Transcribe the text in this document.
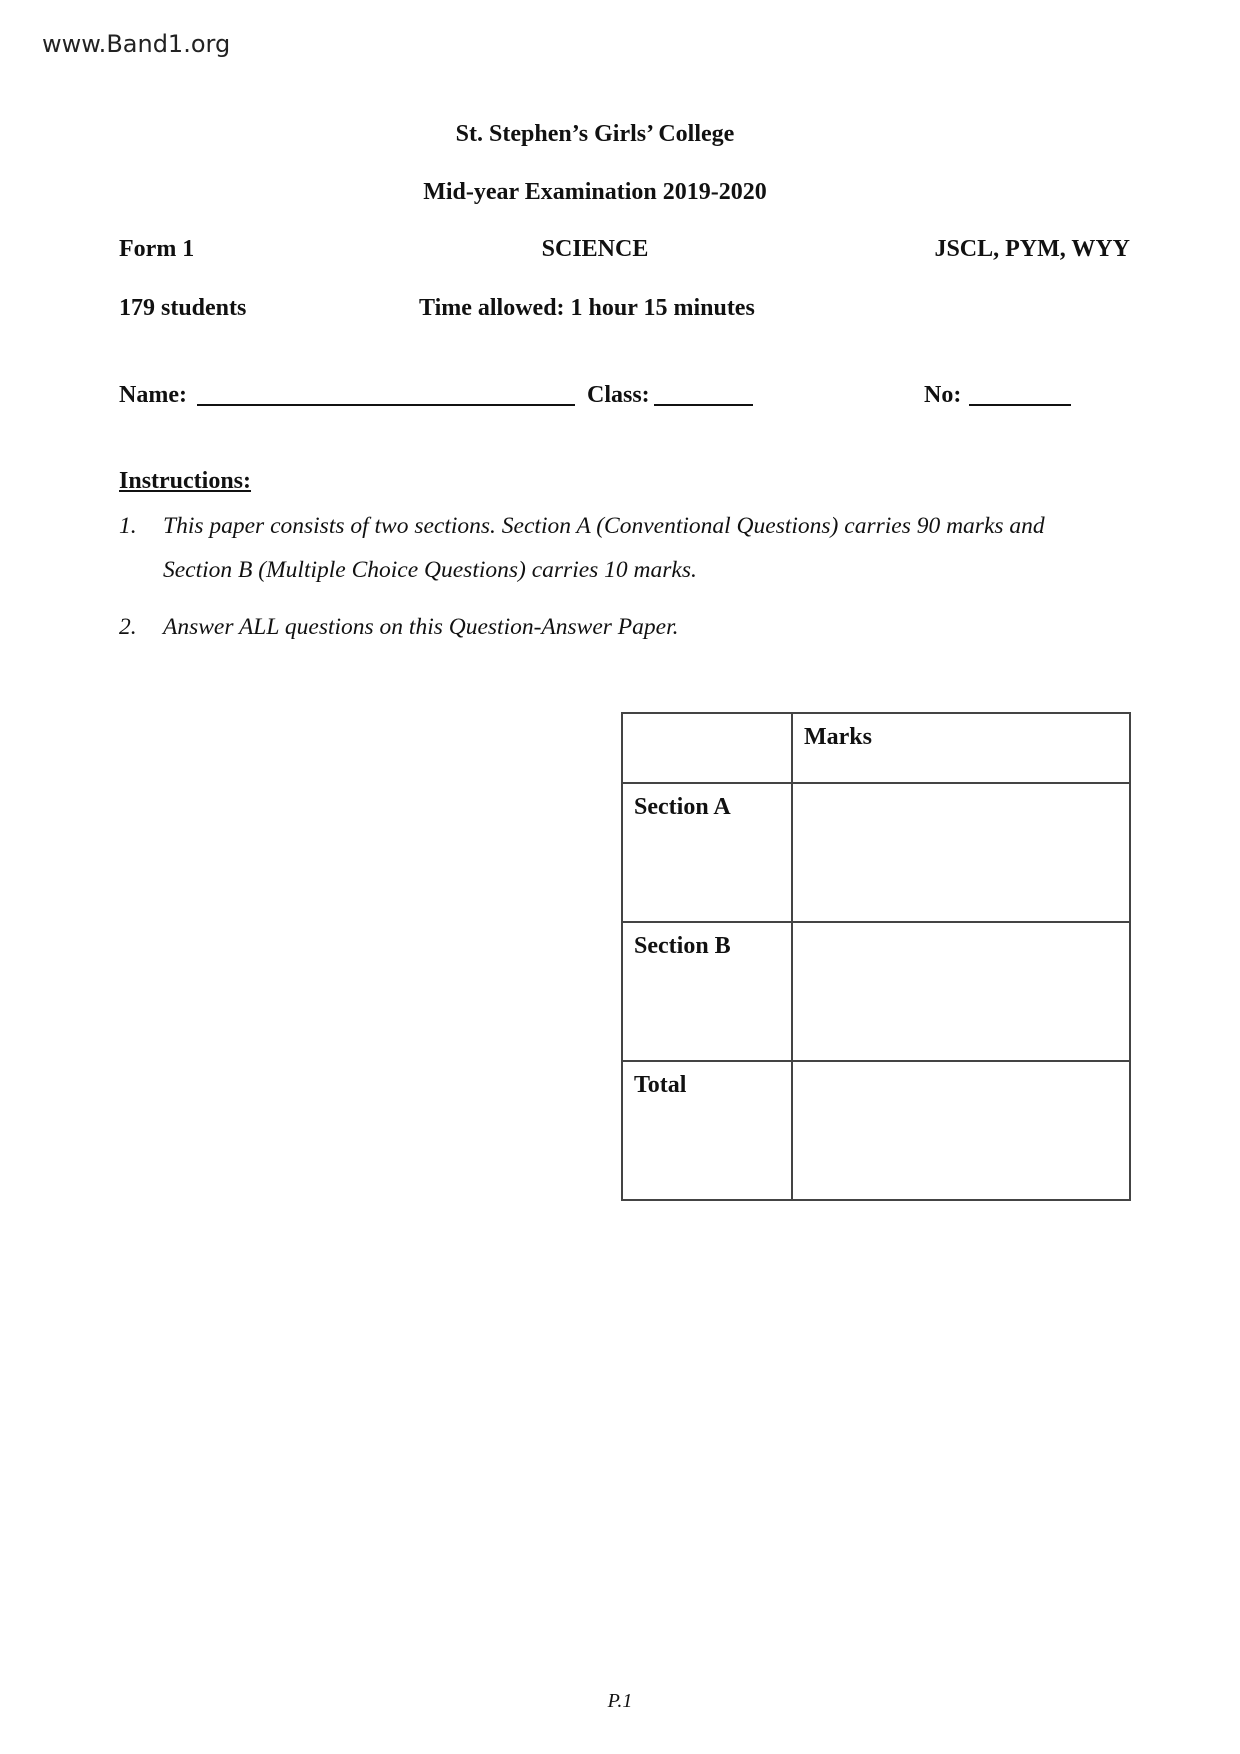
www.Band1.org
St. Stephen’s Girls’ College
Mid-year Examination 2019-2020
Form 1	SCIENCE	JSCL, PYM, WYY
179 students	Time allowed: 1 hour 15 minutes
Name:	Class:	No:
Instructions:
1. This paper consists of two sections. Section A (Conventional Questions) carries 90 marks and
Section B (Multiple Choice Questions) carries 10 marks.
2. Answer ALL questions on this Question-Answer Paper.
	Marks
Section A	
Section B	
Total	
P.1
